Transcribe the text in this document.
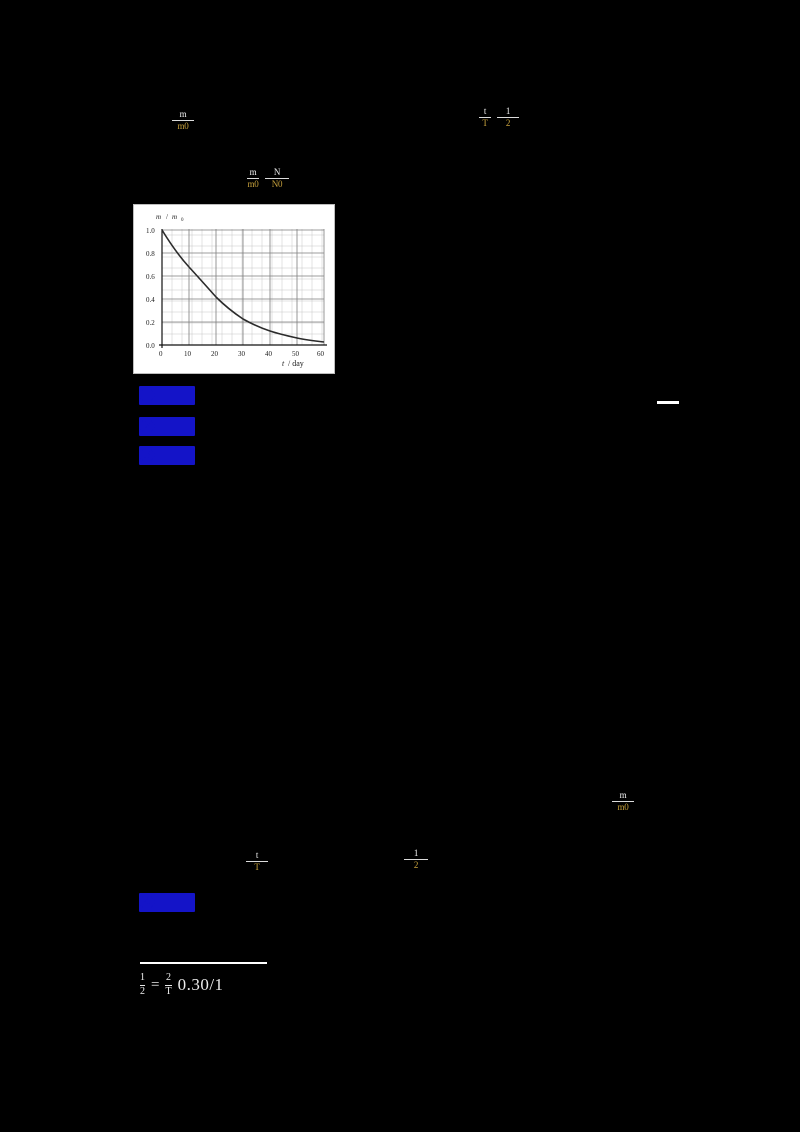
m
m0
t
T
1
2
m
m0
N
N0
1.0
0.8
0.6
0.4
0.2
0.0
0	10	20	30	40	50	60
m / m 0
t / day
(1)
(2)
(3)
m
m0
t
T
1
2
(4)
$\frac{1}{2} = \frac{2}{T} 0.30/1$
